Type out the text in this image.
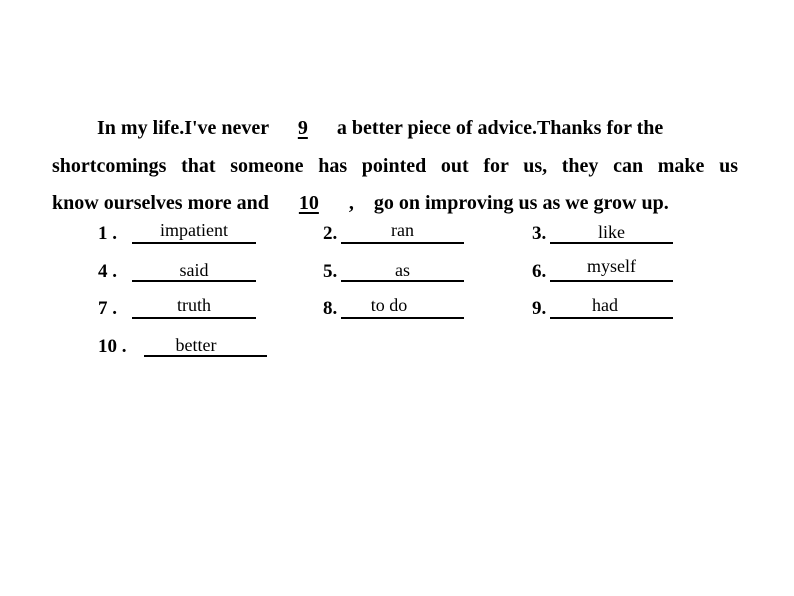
In my life.I've never 9 a better piece of advice.Thanks for the
shortcomings that someone has pointed out for us, they can make us
know ourselves more and 10 ,    go on improving us as we grow up.
1 .	impatient	2.	ran	3.	like
4 .	said	5.	as	6.	myself
7 .	truth	8.	to do	9.	had
10 .	better
